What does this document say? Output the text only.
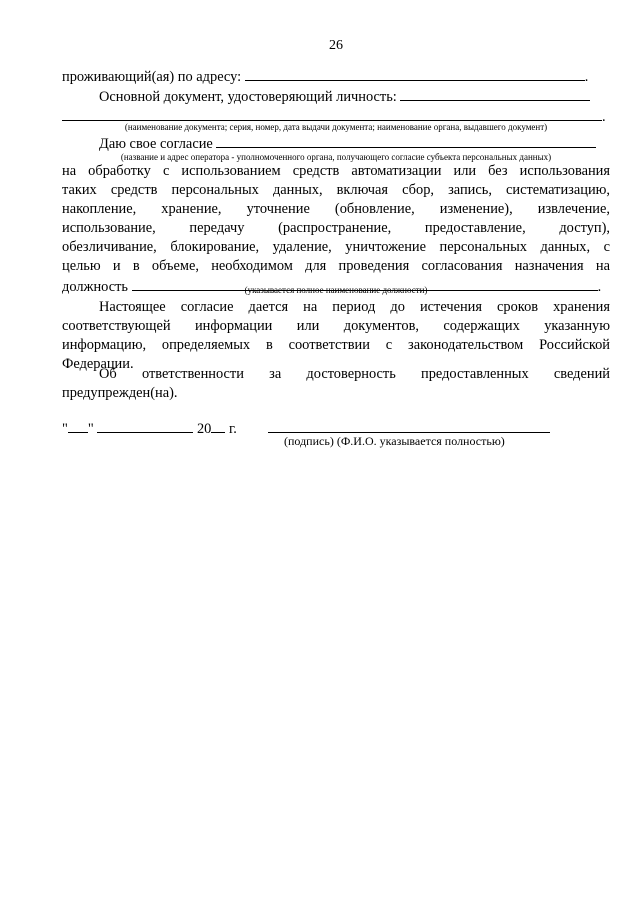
26
проживающий(ая) по адресу:	.
Основной документ, удостоверяющий личность:
.
(наименование документа; серия, номер, дата выдачи документа; наименование органа, выдавшего документ)
Даю свое согласие
(название и адрес оператора - уполномоченного органа, получающего согласие субъекта персональных данных)
на обработку с использованием средств автоматизации или без использования
таких средств персональных данных, включая сбор, запись, систематизацию,
накопление, хранение, уточнение (обновление, изменение), извлечение,
использование, передачу (распространение, предоставление, доступ),
обезличивание, блокирование, удаление, уничтожение персональных данных, с
целью и в объеме, необходимом для проведения согласования назначения на
должность	.
(указывается полное наименование должности)
Настоящее согласие дается на период до истечения сроков хранения
соответствующей информации или документов, содержащих указанную
информацию, определяемых в соответствии с законодательством Российской
Федерации.
Об ответственности за достоверность предоставленных сведений
предупрежден(на).
" "	20 г.
(подпись) (Ф.И.О. указывается полностью)
